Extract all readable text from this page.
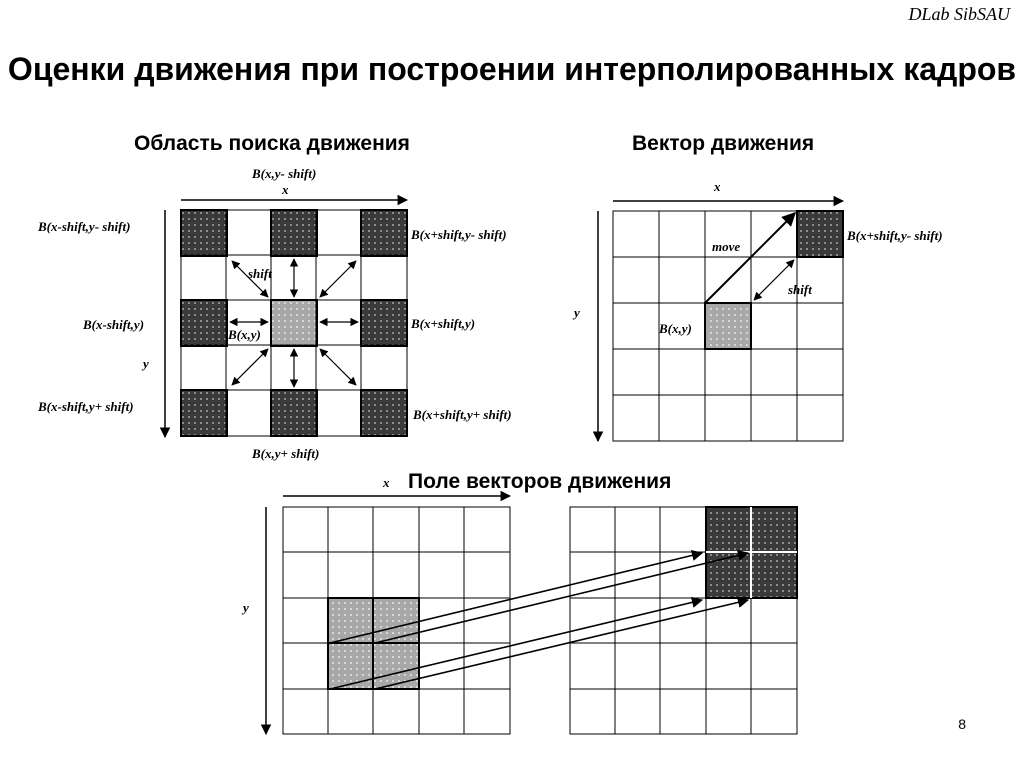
DLab SibSAU
Оценки движения при построении интерполированных кадров
Область поиска движения	Вектор движения
Поле векторов движения
B(x,y- shift)
x
B(x-shift,y- shift)
B(x+shift,y- shift)
shift
B(x-shift,y)
B(x,y)
B(x+shift,y)
y
B(x-shift,y+ shift)
B(x+shift,y+ shift)
B(x,y+ shift)
x
B(x+shift,y- shift)
move
shift
y
B(x,y)
x
y
8
